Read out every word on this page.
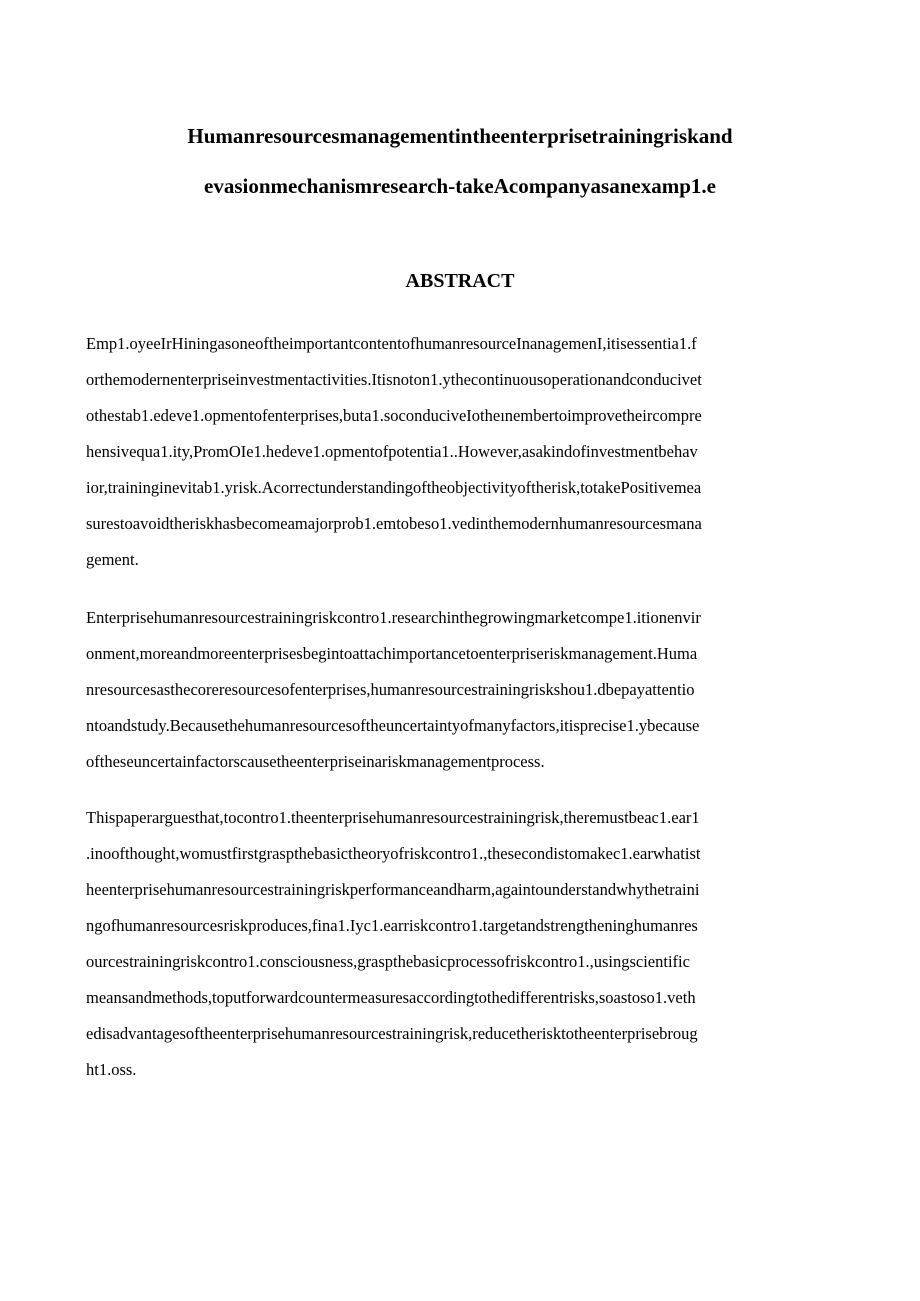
Humanresourcesmanagementintheenterprisetrainingriskand
evasionmechanismresearch-takeAcompanyasanexamp1.e
ABSTRACT
Emp1.oyeeIrHiningasoneoftheimportantcontentofhumanresourceInanagemenI,itisessentia1.f
orthemodernenterpriseinvestmentactivities.Itisnoton1.ythecontinuousoperationandconducivet
othestab1.edeve1.opmentofenterprises,buta1.soconduciveIotheınembertoimprovetheircompre
hensivequa1.ity,PromOIe1.hedeve1.opmentofpotentia1..However,asakindofinvestmentbehav
ior,traininginevitab1.yrisk.Acorrectunderstandingoftheobjectivityoftherisk,totakePositivemea
surestoavoidtheriskhasbecomeamajorprob1.emtobeso1.vedinthemodernhumanresourcesmana
gement.
Enterprisehumanresourcestrainingriskcontro1.researchinthegrowingmarketcompe1.itionenvir
onment,moreandmoreenterprisesbegintoattachimportancetoenterpriseriskmanagement.Huma
nresourcesasthecoreresourcesofenterprises,humanresourcestrainingriskshou1.dbepayattentio
ntoandstudy.Becausethehumanresourcesoftheuncertaintyofmanyfactors,itisprecise1.ybecause
oftheseuncertainfactorscausetheenterpriseinariskmanagementprocess.
Thispaperarguesthat,tocontro1.theenterprisehumanresourcestrainingrisk,theremustbeac1.ear1
.inoofthought,womustfirstgraspthebasictheoryofriskcontro1.,thesecondistomakec1.earwhatist
heenterprisehumanresourcestrainingriskperformanceandharm,againtounderstandwhythetraini
ngofhumanresourcesriskproduces,fina1.Iyc1.earriskcontro1.targetandstrengtheninghumanres
ourcestrainingriskcontro1.consciousness,graspthebasicprocessofriskcontro1.,usingscientific
meansandmethods,toputforwardcountermeasuresaccordingtothedifferentrisks,soastoso1.veth
edisadvantagesoftheenterprisehumanresourcestrainingrisk,reducetherisktotheenterprisebroug
ht1.oss.
